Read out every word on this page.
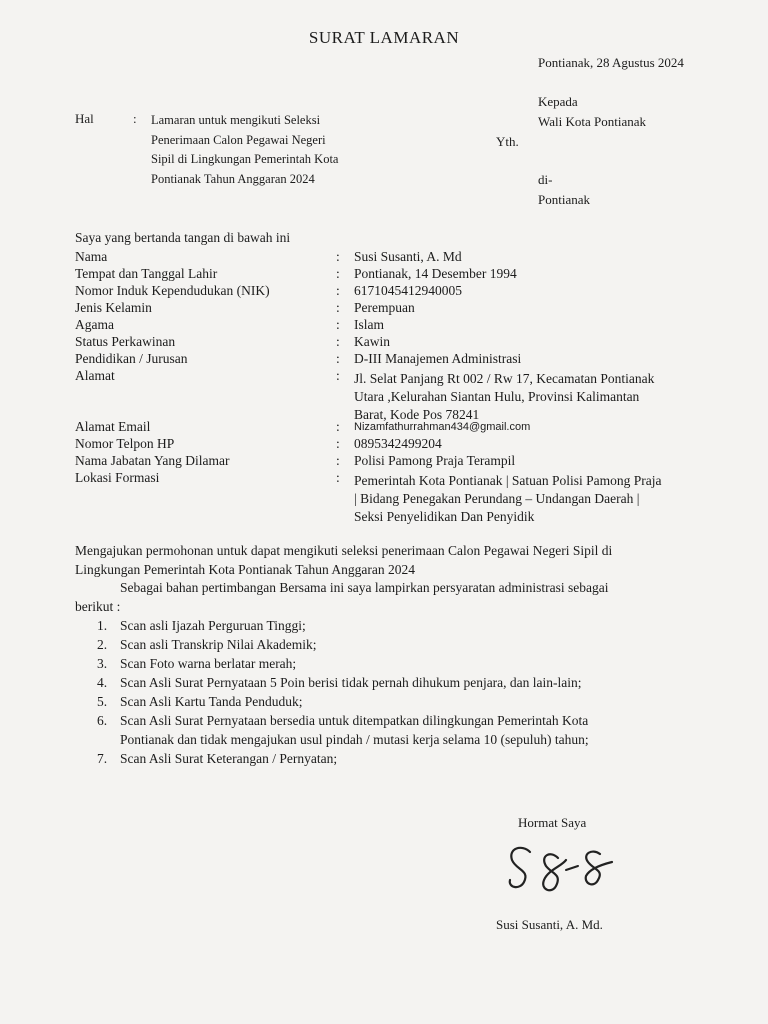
SURAT LAMARAN
Pontianak, 28 Agustus 2024
Hal	: Lamaran untuk mengikuti Seleksi
Penerimaan Calon Pegawai Negeri
Sipil di Lingkungan Pemerintah Kota
Pontianak Tahun Anggaran 2024
Kepada
Wali Kota Pontianak
Yth.
di-
Pontianak
Saya yang bertanda tangan di bawah ini
Nama	: Susi Susanti, A. Md
Tempat dan Tanggal Lahir	: Pontianak, 14 Desember 1994
Nomor Induk Kependudukan (NIK)	: 6171045412940005
Jenis Kelamin	: Perempuan
Agama	: Islam
Status Perkawinan	: Kawin
Pendidikan / Jurusan	: D-III Manajemen Administrasi
Alamat	: Jl. Selat Panjang Rt 002 / Rw 17, Kecamatan Pontianak
Utara ,Kelurahan Siantan Hulu, Provinsi Kalimantan
Barat, Kode Pos 78241
Alamat Email	: Nizamfathurrahman434@gmail.com
Nomor Telpon HP	: 0895342499204
Nama Jabatan Yang Dilamar	: Polisi Pamong Praja Terampil
Lokasi Formasi	: Pemerintah Kota Pontianak | Satuan Polisi Pamong Praja
| Bidang Penegakan Perundang – Undangan Daerah |
Seksi Penyelidikan Dan Penyidik
Mengajukan permohonan untuk dapat mengikuti seleksi penerimaan Calon Pegawai Negeri Sipil di
Lingkungan Pemerintah Kota Pontianak Tahun Anggaran 2024
Sebagai bahan pertimbangan Bersama ini saya lampirkan persyaratan administrasi sebagai
berikut :
1. Scan asli Ijazah Perguruan Tinggi;
2. Scan asli Transkrip Nilai Akademik;
3. Scan Foto warna berlatar merah;
4. Scan Asli Surat Pernyataan 5 Poin berisi tidak pernah dihukum penjara, dan lain-lain;
5. Scan Asli Kartu Tanda Penduduk;
6. Scan Asli Surat Pernyataan bersedia untuk ditempatkan dilingkungan Pemerintah Kota
Pontianak dan tidak mengajukan usul pindah / mutasi kerja selama 10 (sepuluh) tahun;
7. Scan Asli Surat Keterangan / Pernyatan;
Hormat Saya
Susi Susanti, A. Md.
